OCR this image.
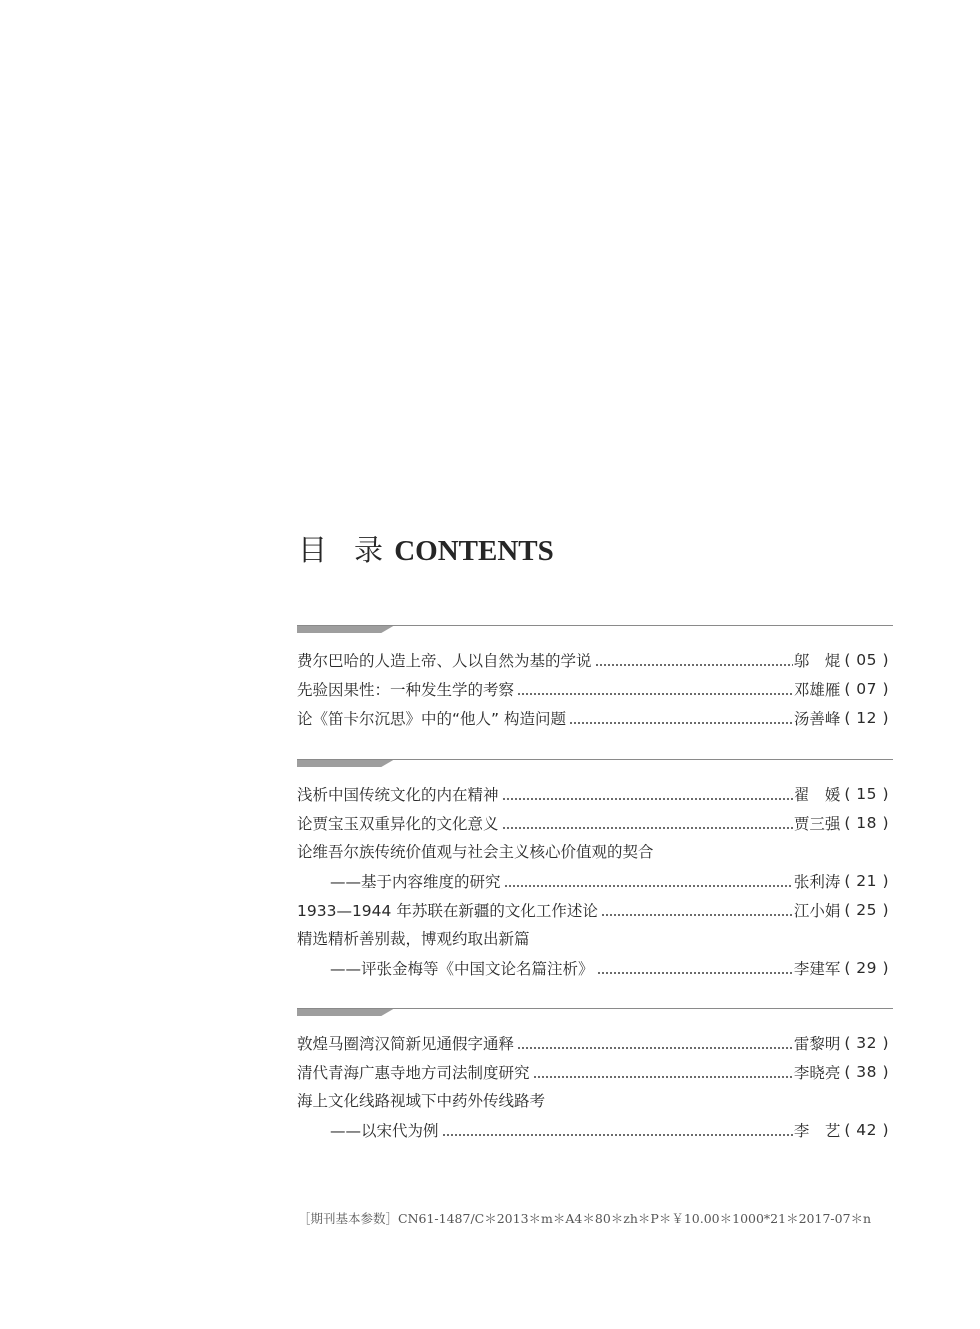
目 录 CONTENTS
费尔巴哈的人造上帝、人以自然为基的学说	邬　焜 ( 05 )
先验因果性：一种发生学的考察	邓雄雁 ( 07 )
论《笛卡尔沉思》中的“他人” 构造问题	汤善峰 ( 12 )
浅析中国传统文化的内在精神	翟　媛 ( 15 )
论贾宝玉双重异化的文化意义	贾三强 ( 18 )
论维吾尔族传统价值观与社会主义核心价值观的契合
——基于内容维度的研究	张利涛 ( 21 )
1933—1944 年苏联在新疆的文化工作述论	江小娟 ( 25 )
精选精析善别裁，博观约取出新篇
——评张金梅等《中国文论名篇注析》	李建军 ( 29 )
敦煌马圈湾汉简新见通假字通释	雷黎明 ( 32 )
清代青海广惠寺地方司法制度研究	李晓亮 ( 38 )
海上文化线路视域下中药外传线路考
——以宋代为例	李　艺 ( 42 )
［期刊基本参数］CN61-1487/C＊2013＊m＊A4＊80＊zh＊P＊￥10.00＊1000*21＊2017-07＊n
